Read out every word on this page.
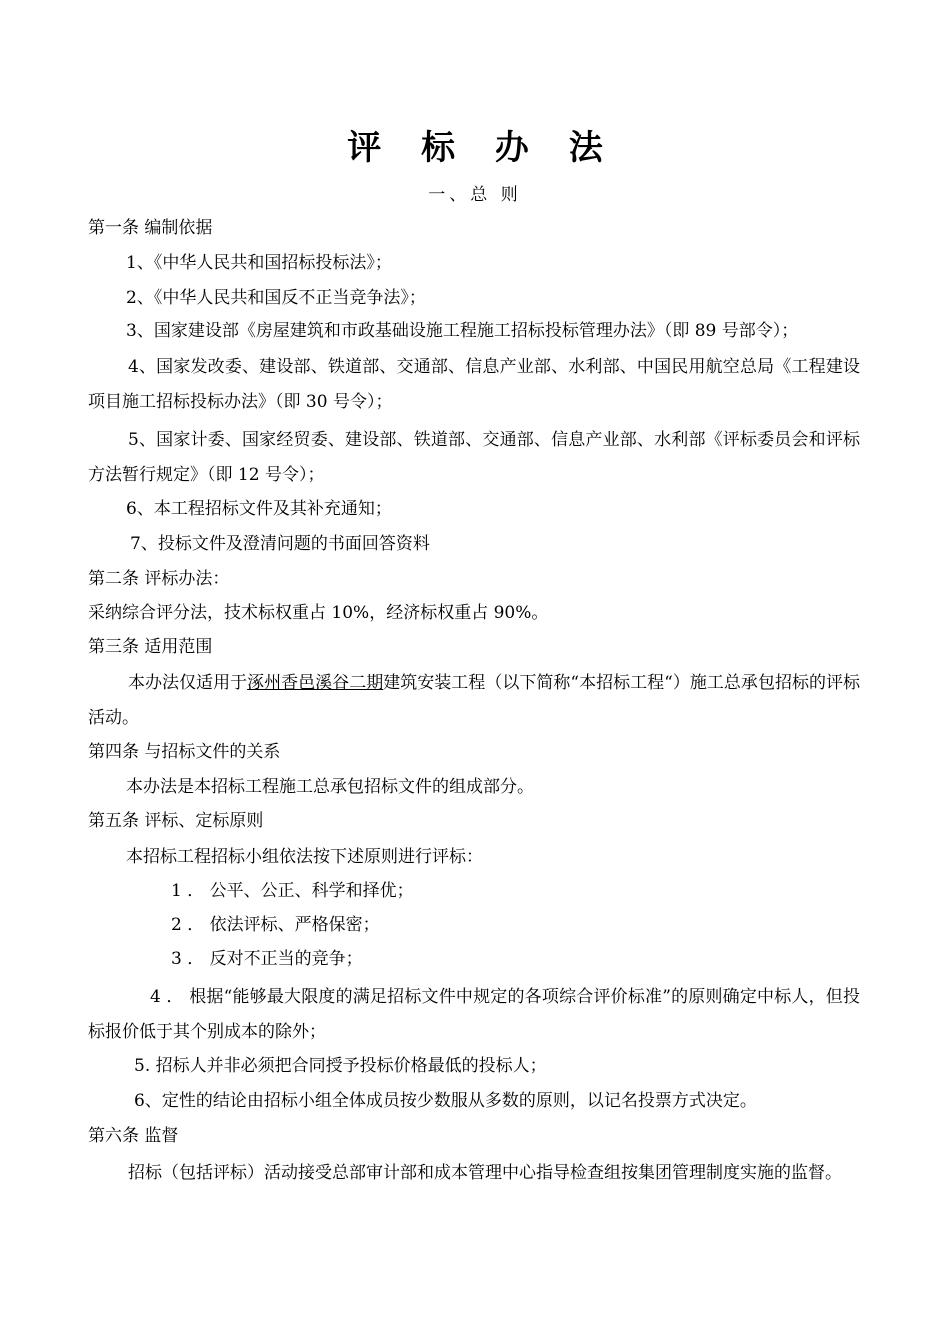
评 标 办 法
一、总 则
第一条 编制依据
1、《中华人民共和国招标投标法》；
2、《中华人民共和国反不正当竞争法》；
3、国家建设部《房屋建筑和市政基础设施工程施工招标投标管理办法》（即 89 号部令）；
4、国家发改委、建设部、铁道部、交通部、信息产业部、水利部、中国民用航空总局《工程建设项目施工招标投标办法》（即 30 号令）；
5、国家计委、国家经贸委、建设部、铁道部、交通部、信息产业部、水利部《评标委员会和评标方法暂行规定》（即 12 号令）；
6、本工程招标文件及其补充通知；
7、投标文件及澄清问题的书面回答资料
第二条 评标办法：
采纳综合评分法，技术标权重占 10%，经济标权重占 90%。
第三条 适用范围
本办法仅适用于涿州香邑溪谷二期建筑安装工程（以下简称“本招标工程“）施工总承包招标的评标活动。
第四条 与招标文件的关系
本办法是本招标工程施工总承包招标文件的组成部分。
第五条 评标、定标原则
本招标工程招标小组依法按下述原则进行评标：
1 ． 公平、公正、科学和择优；
2 ． 依法评标、严格保密；
3 ． 反对不正当的竞争；
4 ． 根据“能够最大限度的满足招标文件中规定的各项综合评价标准”的原则确定中标人，但投标报价低于其个别成本的除外；
5. 招标人并非必须把合同授予投标价格最低的投标人；
6、定性的结论由招标小组全体成员按少数服从多数的原则，以记名投票方式决定。
第六条 监督
招标（包括评标）活动接受总部审计部和成本管理中心指导检查组按集团管理制度实施的监督。
